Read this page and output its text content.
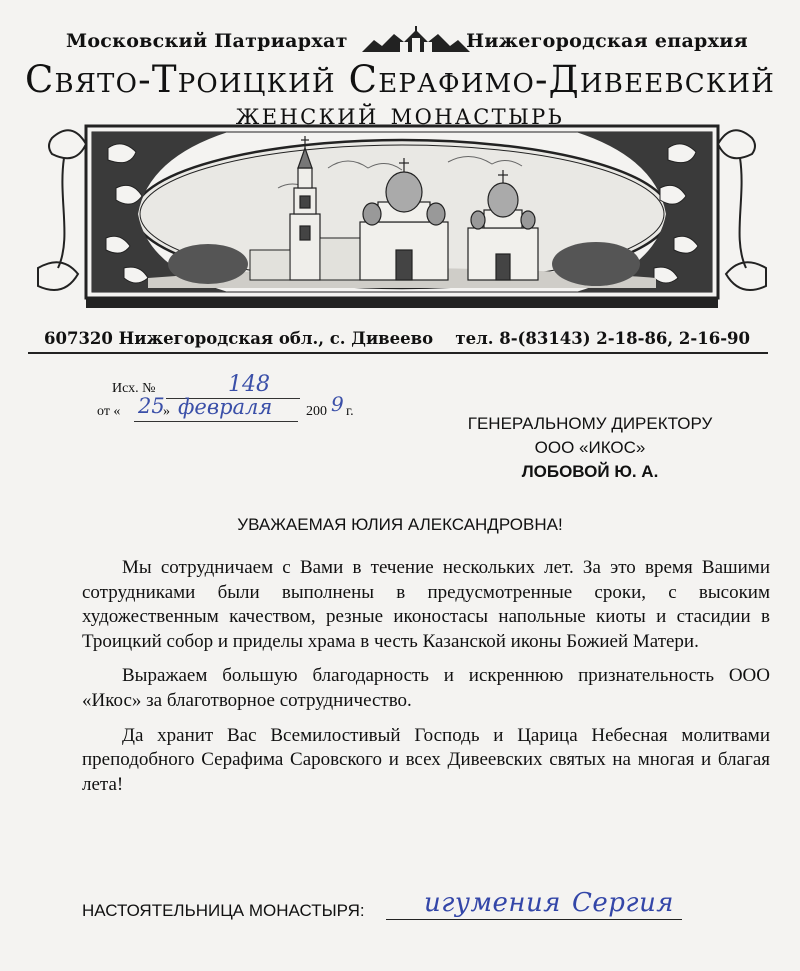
Московский Патриархат	Нижегородская епархия
Свято-Троицкий Серафимо-Дивеевский
женский монастырь
607320 Нижегородская обл., с. Дивеево тел. 8-(83143) 2-18-86, 2-16-90
Исх. №	148
от « 25
» февраля 200 9 г.
ГЕНЕРАЛЬНОМУ ДИРЕКТОРУ
ООО «ИКОС»
ЛОБОВОЙ Ю. А.
УВАЖАЕМАЯ ЮЛИЯ АЛЕКСАНДРОВНА!

Мы сотрудничаем с Вами в течение нескольких лет. За это время Вашими сотрудниками были выполнены в предусмотренные сроки, с высоким художественным качеством, резные иконостасы напольные киоты и стасидии в Троицкий собор и приделы храма в честь Казанской иконы Божией Матери.

Выражаем большую благодарность и искреннюю признательность ООО «Икос» за благотворное сотрудничество.

Да хранит Вас Всемилостивый Господь и Царица Небесная молитвами преподобного Серафима Саровского и всех Дивеевских святых на многая и благая лета!

НАСТОЯТЕЛЬНИЦА МОНАСТЫРЯ: игумения Сергия
